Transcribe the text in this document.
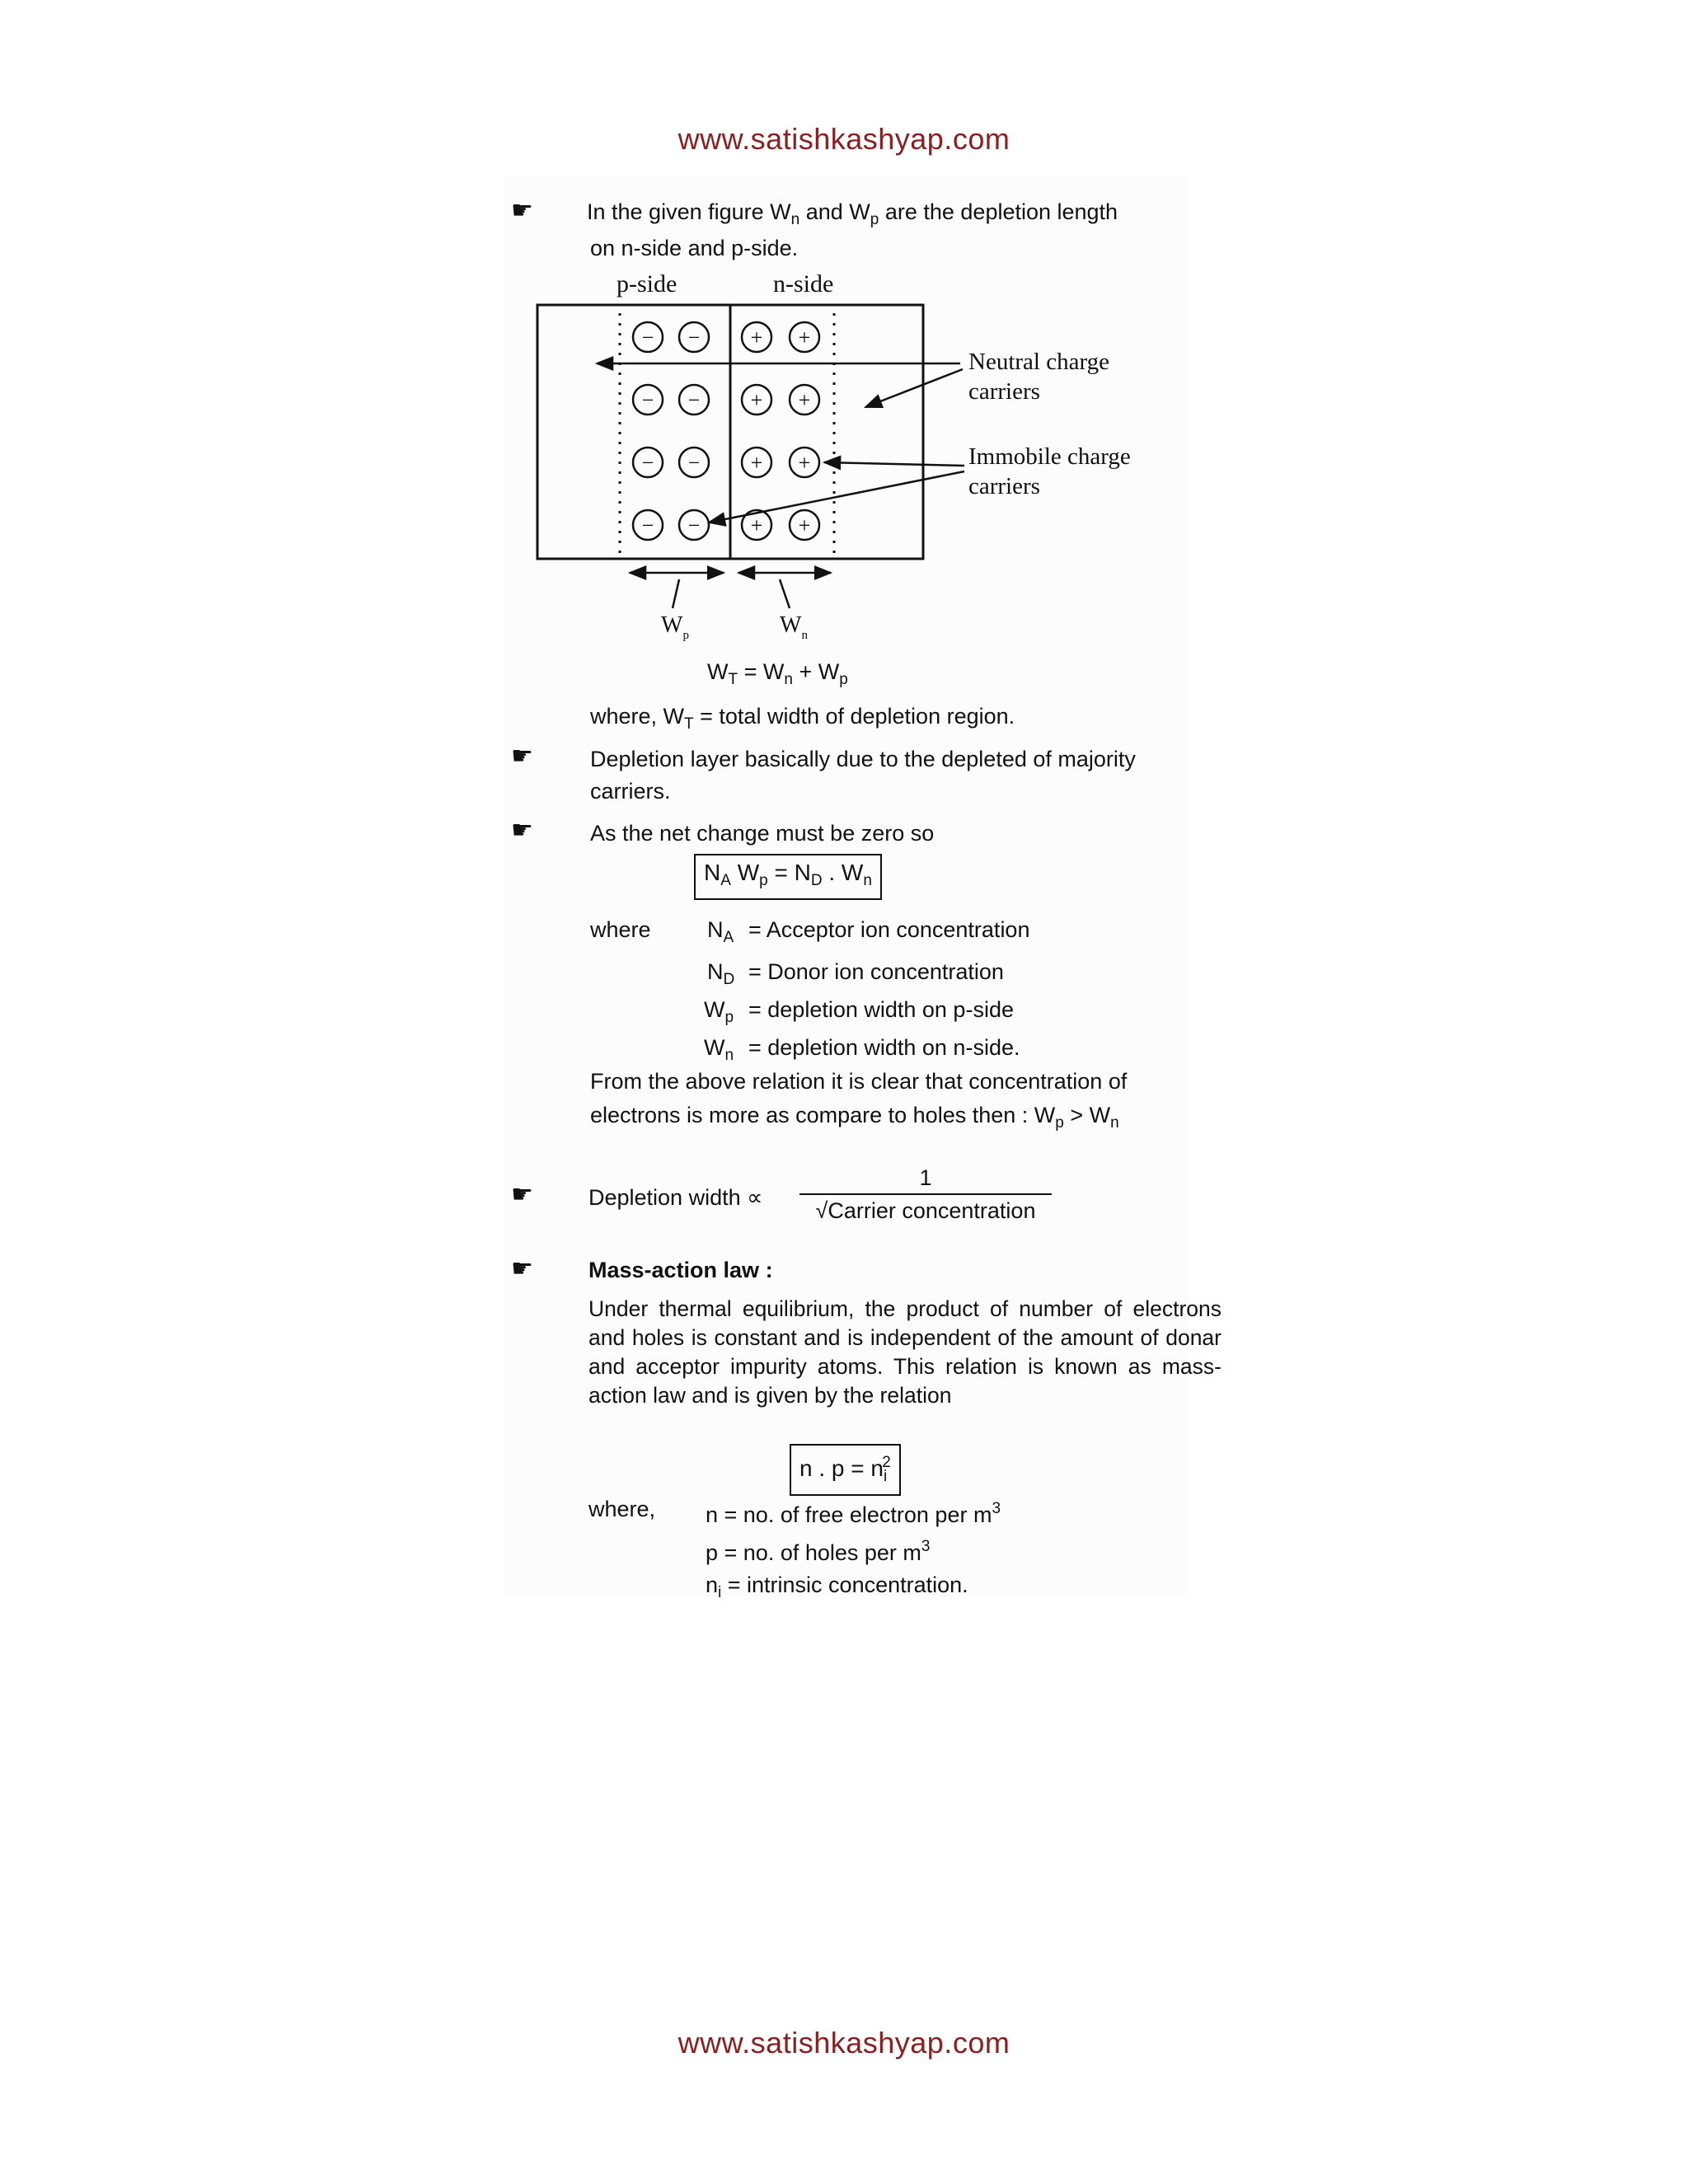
www.satishkashyap.com
☛ In the given figure $W_n$ and $W_p$ are the depletion length
on n-side and p-side.
p-side	n-side
− −
− −
− −
− −
+ +
+ +
+ +
+ +
Neutral charge
carriers
Immobile charge
carriers
$W_p$	$W_n$
$W_T = W_n + W_p$
where, $W_T$ = total width of depletion region.
☛	Depletion layer basically due to the depleted of majority
carriers.
☛	As the net change must be zero so
$N_A$ $W_p = N_D$ . $W_n$
where	$N_A$ = Acceptor ion concentration
$N_D$ = Donor ion concentration
$W_p$ = depletion width on p-side
$W_n$ = depletion width on n-side.
From the above relation it is clear that concentration of
electrons is more as compare to holes then : $W_p > W_n$
☛ Depletion width ∝
1
√Carrier concentration
☛ Mass-action law :
Under thermal equilibrium, the product of number of electrons and holes is constant and is independent of the amount of donar and acceptor impurity atoms. This relation is known as mass-action law and is given by the relation
n . $p = n_i^2$
where, n = no. of free electron per $m^3$
p = no. of holes per $m^3$
$n_i$ = intrinsic concentration.
www.satishkashyap.com
